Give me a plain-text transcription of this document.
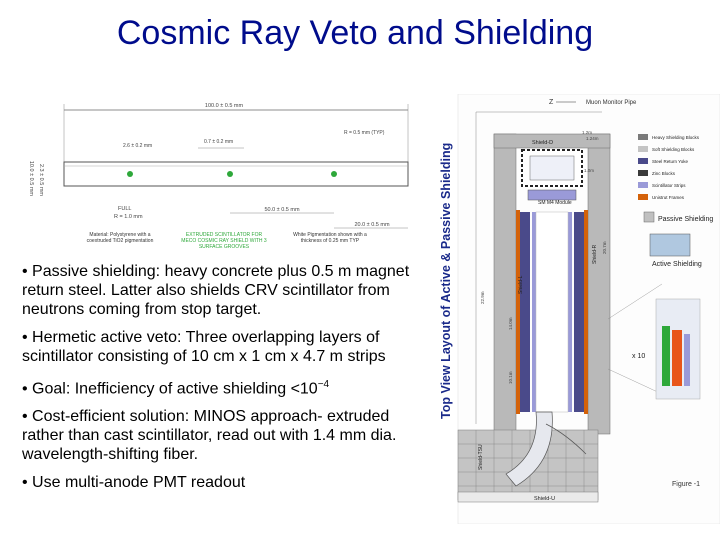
Cosmic Ray Veto and Shielding
100.0 ± 0.5 mm
2.6 ± 0.2 mm
0.7 ± 0.2 mm
R = 0.5 mm (TYP)
10.0 ± 0.5 mm 2.3 ± 0.5 mm
FULL
R = 1.0 mm
50.0 ± 0.5 mm
20.0 ± 0.5 mm
Material: Polystyrene with a coextruded TiO2 pigmentation
EXTRUDED SCINTILLATOR FOR MECO COSMIC RAY SHIELD WITH 3 SURFACE GROOVES
White Pigmentation shown with a thickness of 0.25 mm TYP
• Passive shielding: heavy concrete plus 0.5 m magnet return steel. Latter also shields CRV scintillator from neutrons coming from stop target.
• Hermetic active veto: Three overlapping layers of scintillator consisting of 10 cm x 1 cm x 4.7 m strips
• Goal: Inefficiency of active shielding $<10^{-4}$
• Cost-efficient solution: MINOS approach- extruded rather than cast scintillator, read out with 1.4 mm dia. wavelength-shifting fiber.
• Use multi-anode PMT readout
Top View Layout of Active & Passive Shielding
Z	Muon Monitor Pipe
Shield-D
SM M4 Module
Shield-L
Shield-R
1.2m
1.0m
14.0m
10.1m
22.9m
20.7m
1.24m
Shield-TSU
Shield-U
Figure -1
Heavy Shielding Blocks
Soft Shielding Blocks
Steel Return Yoke
Zinc Blocks
Scintillator Strips
Unistrut Frames
Passive Shielding
Active Shielding
x 10
